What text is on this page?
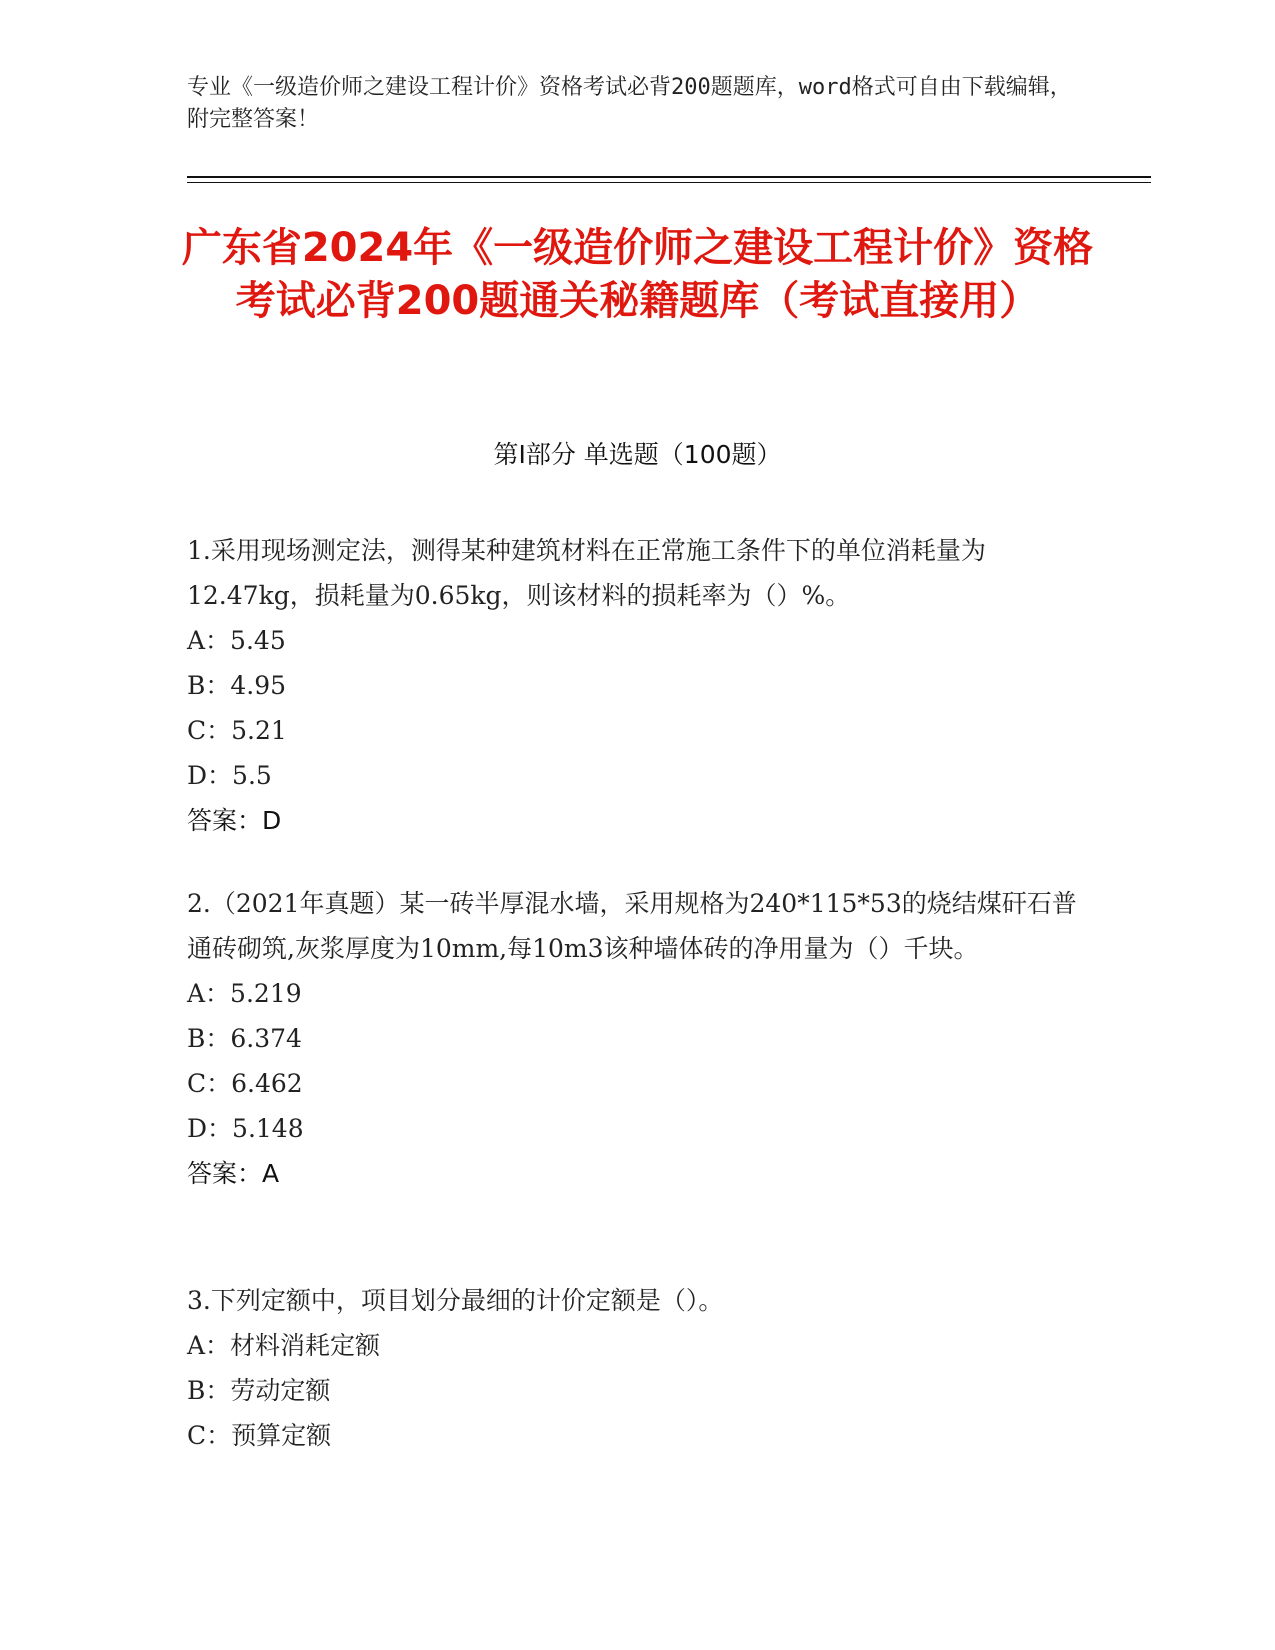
专业《一级造价师之建设工程计价》资格考试必背200题题库，word格式可自由下载编辑，附完整答案！
广东省2024年《一级造价师之建设工程计价》资格考试必背200题通关秘籍题库（考试直接用）
第Ⅰ部分 单选题（100题）
1.采用现场测定法，测得某种建筑材料在正常施工条件下的单位消耗量为12.47kg，损耗量为0.65kg，则该材料的损耗率为（）%。
A：5.45
B：4.95
C：5.21
D：5.5
答案：D
2.（2021年真题）某一砖半厚混水墙，采用规格为240*115*53的烧结煤矸石普通砖砌筑,灰浆厚度为10mm,每10m3该种墙体砖的净用量为（）千块。
A：5.219
B：6.374
C：6.462
D：5.148
答案：A
3.下列定额中，项目划分最细的计价定额是（）。
A：材料消耗定额
B：劳动定额
C：预算定额
